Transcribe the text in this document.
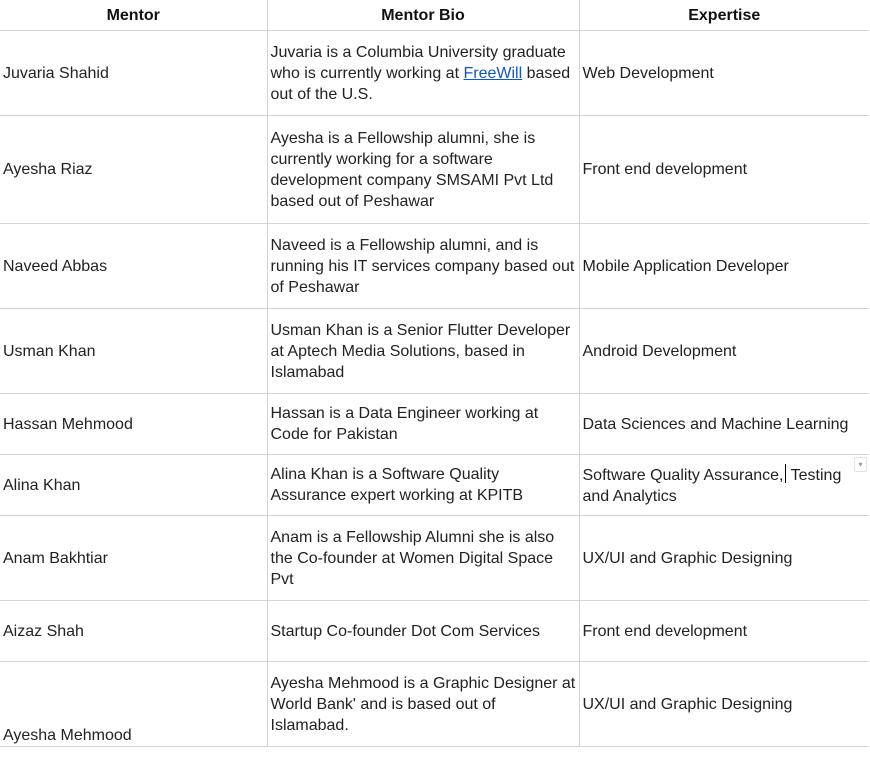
Mentor	Mentor Bio	Expertise
Juvaria Shahid	Juvaria is a Columbia University graduate who is currently working at FreeWill based out of the U.S.	Web Development
Ayesha Riaz	Ayesha is a Fellowship alumni, she is currently working for a software development company SMSAMI Pvt Ltd based out of Peshawar	Front end development
Naveed Abbas	Naveed is a Fellowship alumni, and is running his IT services company based out of Peshawar	Mobile Application Developer
Usman Khan	Usman Khan is a Senior Flutter Developer at Aptech Media Solutions, based in Islamabad	Android Development
Hassan Mehmood	Hassan is a Data Engineer working at Code for Pakistan	Data Sciences and Machine Learning
Alina Khan	Alina Khan is a Software Quality Assurance expert working at KPITB	Software Quality Assurance, Testing and Analytics
▾

Anam Bakhtiar	Anam is a Fellowship Alumni she is also the Co-founder at Women Digital Space Pvt	UX/UI and Graphic Designing
Aizaz Shah	Startup Co-founder Dot Com Services	Front end development
Ayesha Mehmood	Ayesha Mehmood is a Graphic Designer at World Bank' and is based out of Islamabad.	UX/UI and Graphic Designing
